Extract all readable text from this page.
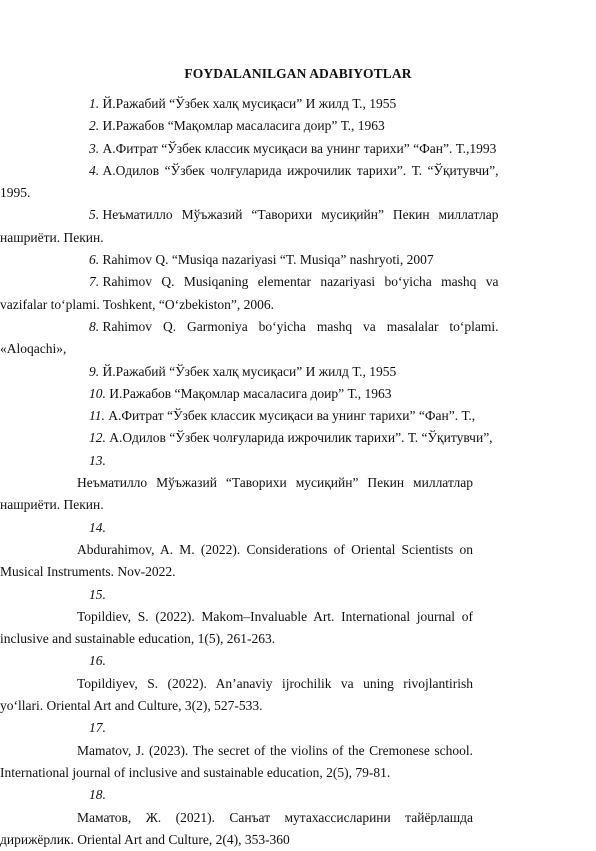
FOYDALANILGAN ADABIYOTLAR
1. Й.Ражабий “Ўзбек халқ мусиқаси” И жилд Т., 1955
2. И.Ражабов “Мақомлар масаласига доир” Т., 1963
3. А.Фитрат “Ўзбек классик мусиқаси ва унинг тарихи” “Фан”. Т.,1993
4. А.Одилов “Ўзбек чолғуларида ижрочилик тарихи”. Т. “Ўқитувчи”,
1995.
5. Неъматилло Мўъжазий “Таворихи мусиқийн” Пекин миллатлар
нашриёти. Пекин.
6. Rahimov Q. “Musiqa nazariyasi “T. Musiqa” nashryoti, 2007
7. Rahimov Q. Musiqaning elementar nazariyasi boʻyicha mashq va
vazifalar toʻplami. Toshkent, “Oʻzbekiston”, 2006.
8. Rahimov Q. Garmoniya boʻyicha mashq va masalalar toʻplami.
«Aloqachi»,
9. Й.Ражабий “Ўзбек халқ мусиқаси” И жилд Т., 1955
10. И.Ражабов “Мақомлар масаласига доир” Т., 1963
11. А.Фитрат “Ўзбек классик мусиқаси ва унинг тарихи” “Фан”. Т.,
12. А.Одилов “Ўзбек чолғуларида ижрочилик тарихи”. Т. “Ўқитувчи”,
13. Неъматилло Мўъжазий “Таворихи мусиқийн” Пекин миллатлар
нашриёти. Пекин.
14. Abdurahimov, A. M. (2022). Considerations of Oriental Scientists on
Musical Instruments. Nov-2022.
15. Topildiev, S. (2022). Makom–Invaluable Art. International journal of
inclusive and sustainable education, 1(5), 261-263.
16. Topildiyev, S. (2022). An’anaviy ijrochilik va uning rivojlantirish
yoʻllari. Oriental Art and Culture, 3(2), 527-533.
17. Mamatov, J. (2023). The secret of the violins of the Cremonese school.
International journal of inclusive and sustainable education, 2(5), 79-81.
18. Маматов, Ж. (2021). Санъат мутахассисларини тайёрлашда
дирижёрлик. Oriental Art and Culture, 2(4), 353-360
